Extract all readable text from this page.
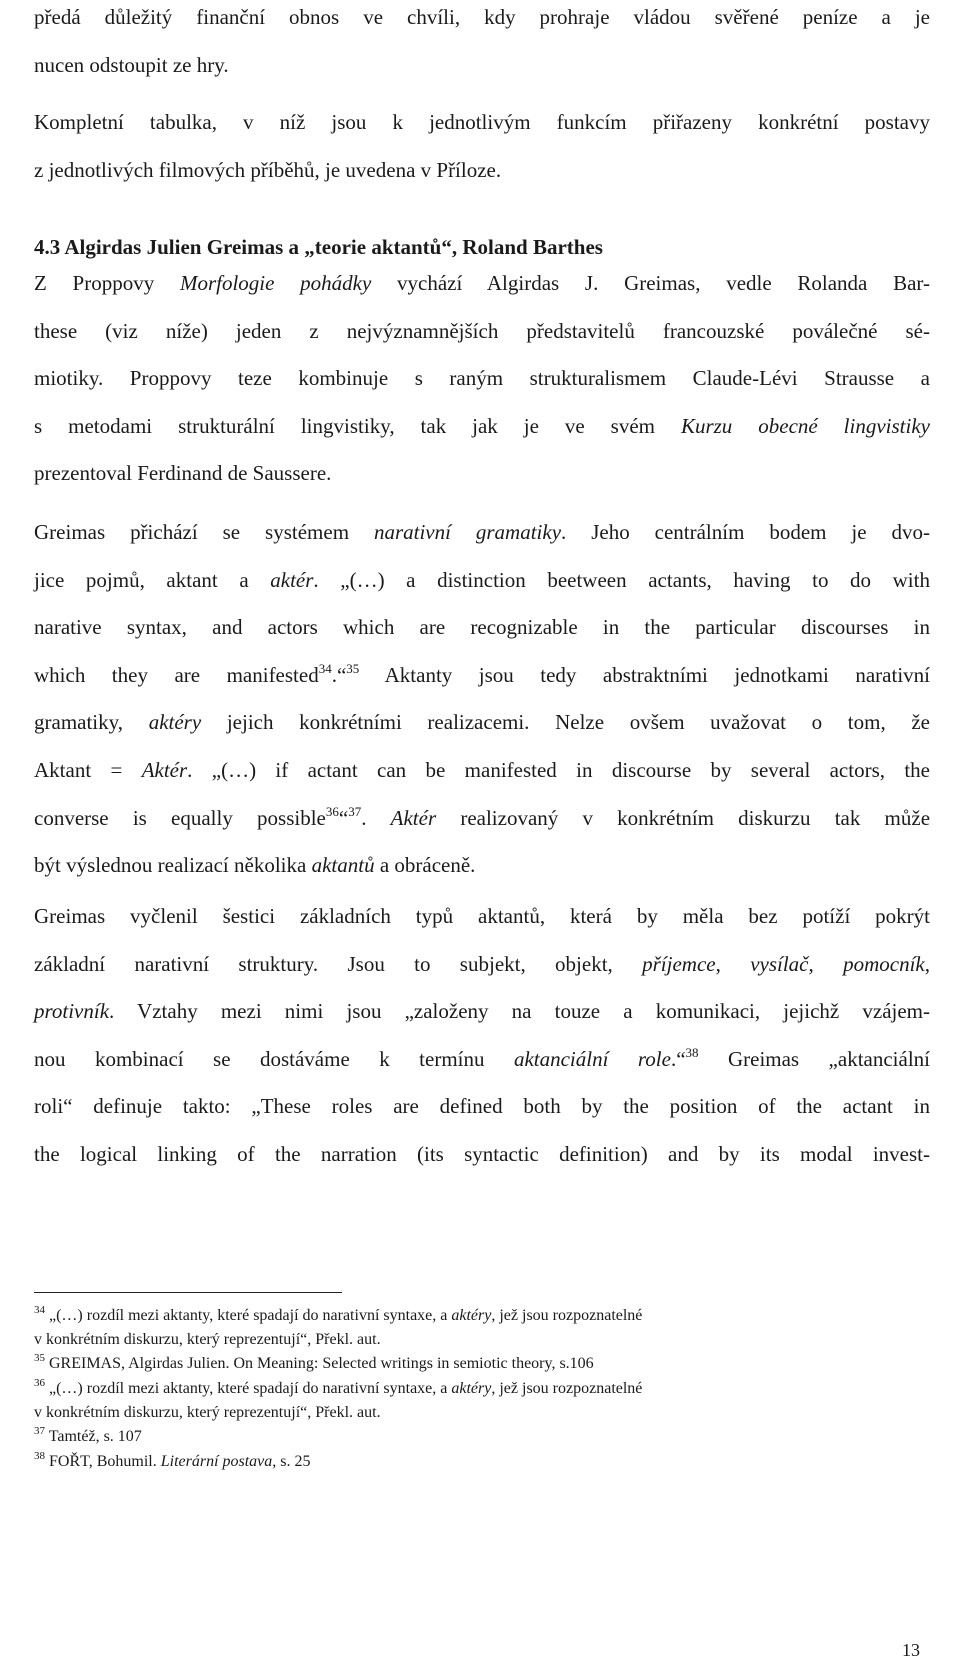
předá důležitý finanční obnos ve chvíli, kdy prohraje vládou svěřené peníze a je
nucen odstoupit ze hry.
Kompletní tabulka, v níž jsou k jednotlivým funkcím přiřazeny konkrétní postavy
z jednotlivých filmových příběhů, je uvedena v Příloze.
4.3 Algirdas Julien Greimas a „teorie aktantů“, Roland Barthes
Z Proppovy Morfologie pohádky vychází Algirdas J. Greimas, vedle Rolanda Bar-
these (viz níže) jeden z nejvýznamnějších představitelů francouzské poválečné sé-
miotiky. Proppovy teze kombinuje s raným strukturalismem Claude-Lévi Strausse a
s metodami strukturální lingvistiky, tak jak je ve svém Kurzu obecné lingvistiky
prezentoval Ferdinand de Saussere.
Greimas přichází se systémem narativní gramatiky. Jeho centrálním bodem je dvo-
jice pojmů, aktant a aktér. „(…) a distinction beetween actants, having to do with
narative syntax, and actors which are recognizable in the particular discourses in
which they are manifested$^{34}$.“$^{35}$ Aktanty jsou tedy abstraktními jednotkami narativní
gramatiky, aktéry jejich konkrétními realizacemi. Nelze ovšem uvažovat o tom, že
Aktant = Aktér. „(…) if actant can be manifested in discourse by several actors, the
converse is equally possible$^{36}$“$^{37}$. Aktér realizovaný v konkrétním diskurzu tak může
být výslednou realizací několika aktantů a obráceně.
Greimas vyčlenil šestici základních typů aktantů, která by měla bez potíží pokrýt
základní narativní struktury. Jsou to subjekt, objekt, příjemce, vysílač, pomocník,
protivník. Vztahy mezi nimi jsou „založeny na touze a komunikaci, jejichž vzájem-
nou kombinací se dostáváme k termínu aktanciální role.“$^{38}$ Greimas „aktanciální
roli“ definuje takto: „These roles are defined both by the position of the actant in
the logical linking of the narration (its syntactic definition) and by its modal invest-
$^{34}$ „(…) rozdíl mezi aktanty, které spadají do narativní syntaxe, a aktéry, jež jsou rozpoznatelné
v konkrétním diskurzu, který reprezentují“, Překl. aut.
$^{35}$ GREIMAS, Algirdas Julien. On Meaning: Selected writings in semiotic theory, s.106
$^{36}$ „(…) rozdíl mezi aktanty, které spadají do narativní syntaxe, a aktéry, jež jsou rozpoznatelné
v konkrétním diskurzu, který reprezentují“, Překl. aut.
$^{37}$ Tamtéž, s. 107
$^{38}$ FOŘT, Bohumil. Literární postava, s. 25
13
